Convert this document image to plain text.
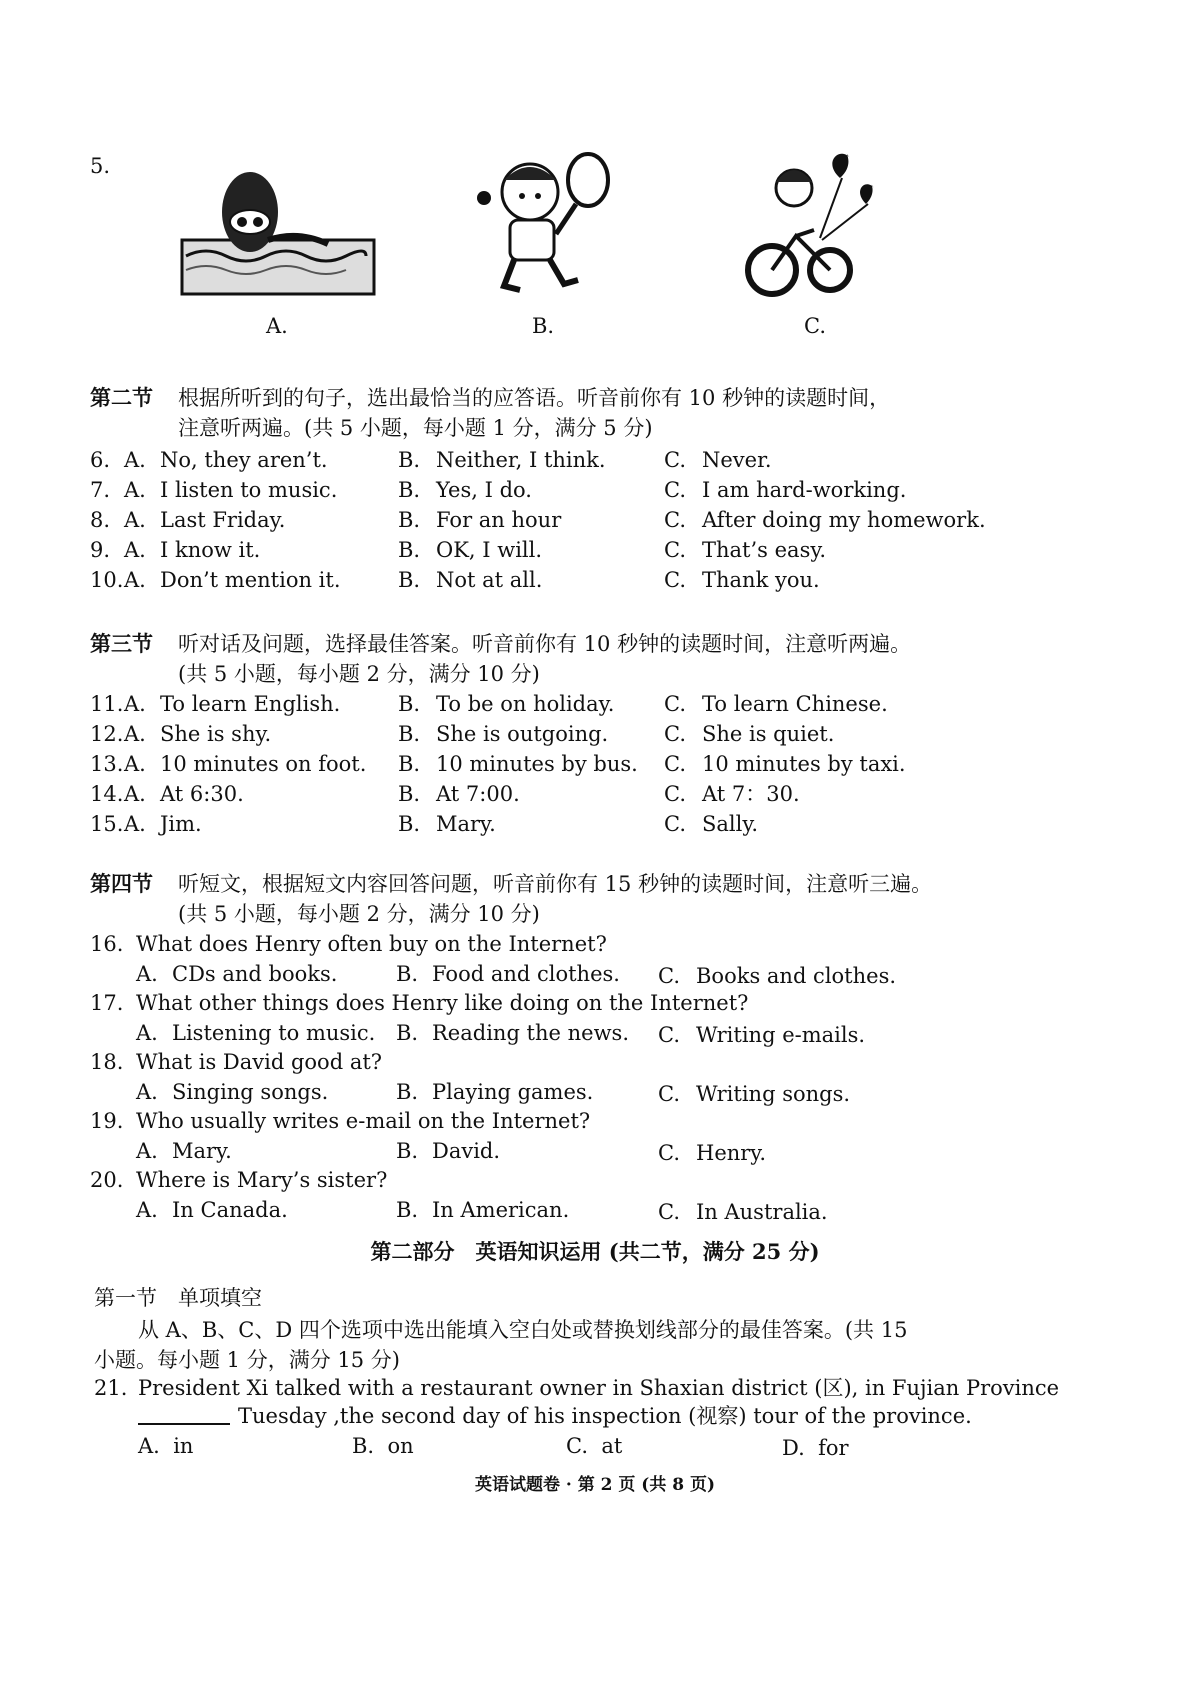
5.
A.	B.	C.
第二节 根据所听到的句子，选出最恰当的应答语。听音前你有 10 秒钟的读题时间，
注意听两遍。(共 5 小题，每小题 1 分，满分 5 分)
6. A. No, they aren’t.	B. Neither, I think.	C. Never.
7. A. I listen to music.	B. Yes, I do.	C. I am hard-working.
8. A. Last Friday.	B. For an hour	C. After doing my homework.
9. A. I know it.	B. OK, I will.	C. That’s easy.
10. A. Don’t mention it.	B. Not at all.	C. Thank you.
第三节 听对话及问题，选择最佳答案。听音前你有 10 秒钟的读题时间，注意听两遍。
(共 5 小题，每小题 2 分，满分 10 分)
11. A. To learn English.	B. To be on holiday. C. To learn Chinese.
12. A. She is shy.	B. She is outgoing.	C. She is quiet.
13. A. 10 minutes on foot. B. 10 minutes by bus. C. 10 minutes by taxi.
14. A. At 6:30.	B. At 7:00.	C. At 7：30.
15. A. Jim.	B. Mary.	C. Sally.
第四节 听短文，根据短文内容回答问题，听音前你有 15 秒钟的读题时间，注意听三遍。
(共 5 小题，每小题 2 分，满分 10 分)
16. What does Henry often buy on the Internet?
A. CDs and books.	B. Food and clothes. C. Books and clothes.
17. What other things does Henry like doing on the Internet?
A. Listening to music. B. Reading the news. C. Writing e-mails.
18. What is David good at?
A. Singing songs.	B. Playing games.	C. Writing songs.
19. Who usually writes e-mail on the Internet?
A. Mary.	B. David.	C. Henry.
20. Where is Mary’s sister?
A. In Canada.	B. In American.	C. In Australia.
第二部分　英语知识运用 (共二节，满分 25 分)
第一节　单项填空
从 A、B、C、D 四个选项中选出能填入空白处或替换划线部分的最佳答案。(共 15
小题。每小题 1 分，满分 15 分)
21. President Xi talked with a restaurant owner in Shaxian district (区), in Fujian Province
Tuesday ,the second day of his inspection (视察) tour of the province.
A. in	B. on	C. at	D. for
英语试题卷 · 第 2 页 (共 8 页)
